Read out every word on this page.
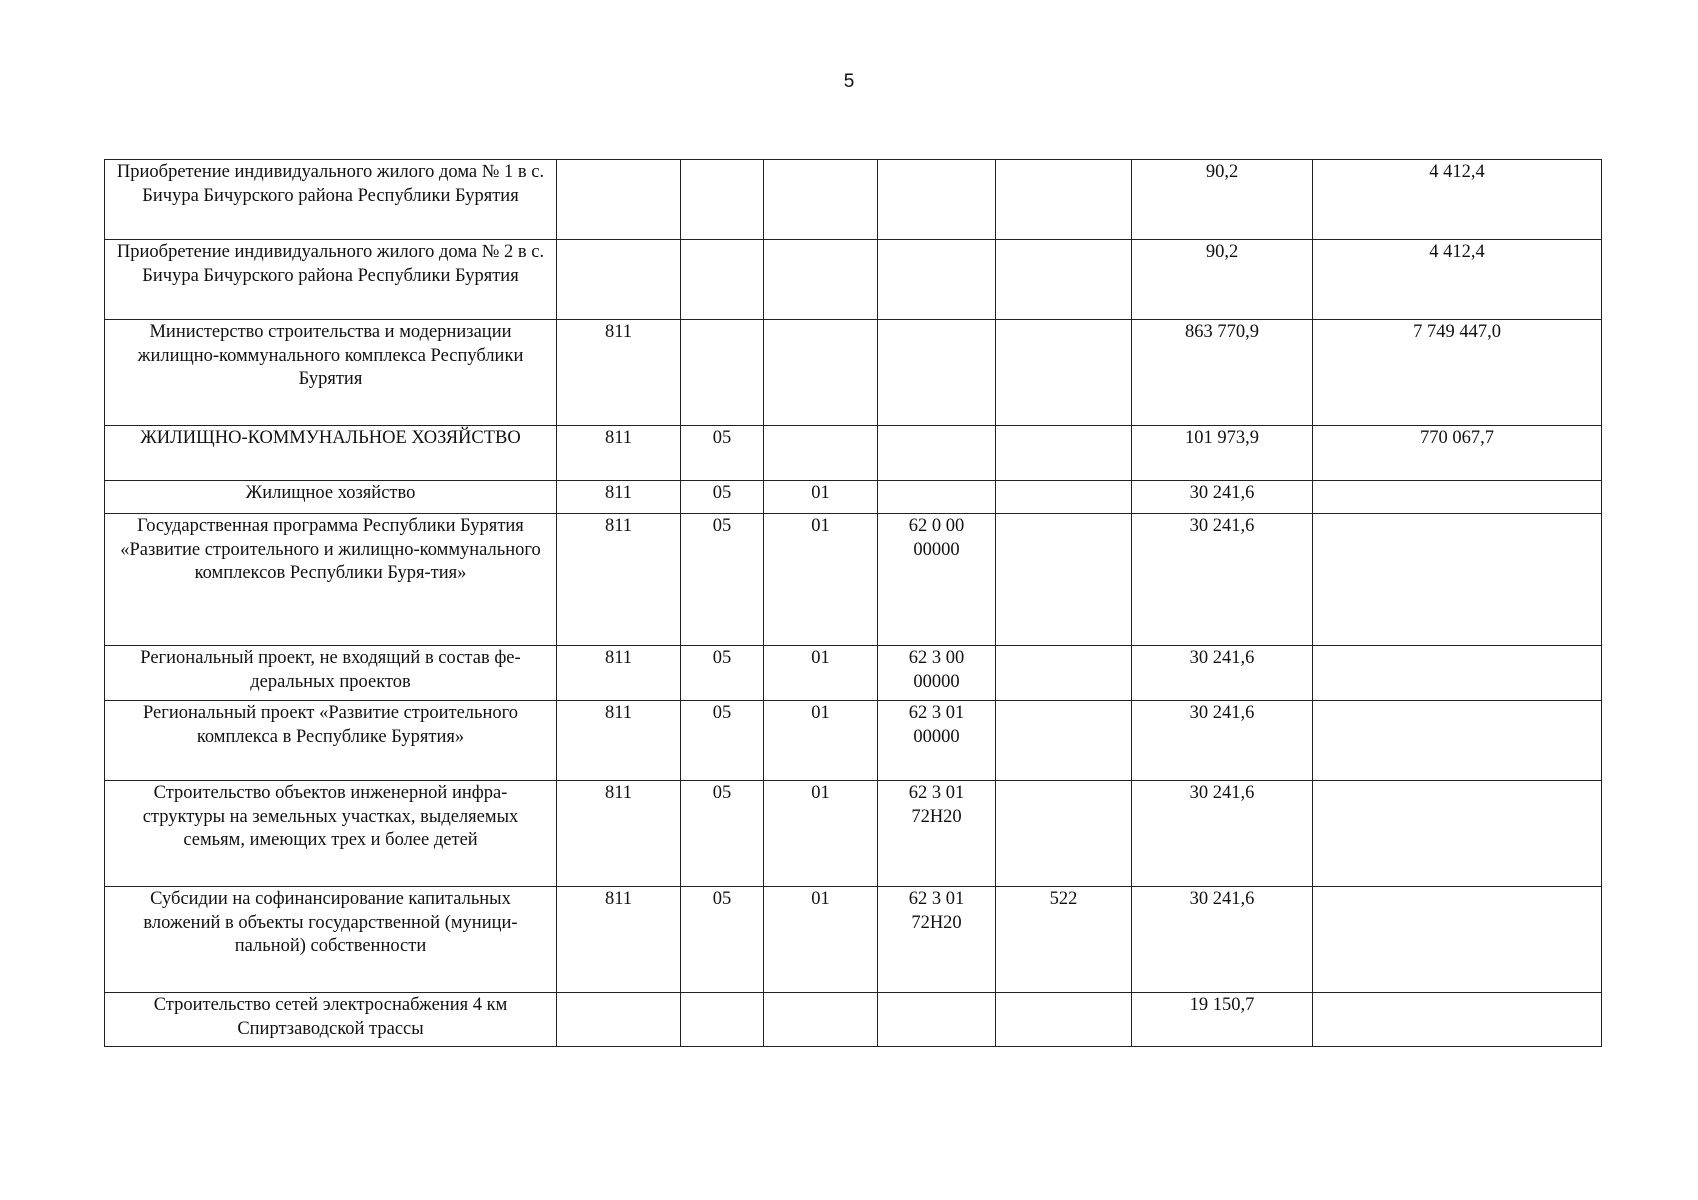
5
Приобретение индивидуального жилого дома № 1 в с. Бичура Бичурского района Республики Бурятия						90,2	4 412,4
Приобретение индивидуального жилого дома № 2 в с. Бичура Бичурского района Республики Бурятия						90,2	4 412,4
Министерство строительства и модернизации жилищно-коммунального комплекса Республики Бурятия	811					863 770,9	7 749 447,0
ЖИЛИЩНО-КОММУНАЛЬНОЕ ХОЗЯЙСТВО	811	05				101 973,9	770 067,7
Жилищное хозяйство	811	05	01			30 241,6	
Государственная программа Республики Бурятия «Развитие строительного и жилищно-коммунального комплексов Республики Буря-тия»	811	05	01	62 0 00 00000		30 241,6	
Региональный проект, не входящий в состав фе-деральных проектов	811	05	01	62 3 00 00000		30 241,6	
Региональный проект «Развитие строительного комплекса в Республике Бурятия»	811	05	01	62 3 01 00000		30 241,6	
Строительство объектов инженерной инфра-структуры на земельных участках, выделяемых семьям, имеющих трех и более детей	811	05	01	62 3 01 72Н20		30 241,6	
Субсидии на софинансирование капитальных вложений в объекты государственной (муници-пальной) собственности	811	05	01	62 3 01 72Н20	522	30 241,6	
Строительство сетей электроснабжения 4 км Спиртзаводской трассы						19 150,7	
